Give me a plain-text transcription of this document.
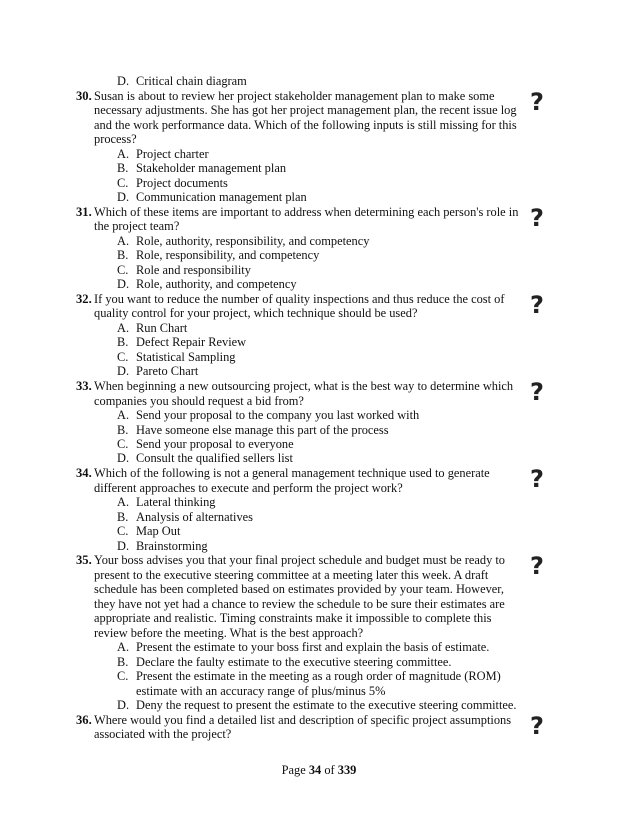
D. Critical chain diagram
30.	?
Susan is about to review her project stakeholder management plan to make some
necessary adjustments. She has got her project management plan, the recent issue log
and the work performance data. Which of the following inputs is still missing for this
process?
A. Project charter
B. Stakeholder management plan
C. Project documents
D. Communication management plan
31.	?
Which of these items are important to address when determining each person's role in
the project team?
A. Role, authority, responsibility, and competency
B. Role, responsibility, and competency
C. Role and responsibility
D. Role, authority, and competency
32.	?
If you want to reduce the number of quality inspections and thus reduce the cost of
quality control for your project, which technique should be used?
A. Run Chart
B. Defect Repair Review
C. Statistical Sampling
D. Pareto Chart
33.	?
When beginning a new outsourcing project, what is the best way to determine which
companies you should request a bid from?
A. Send your proposal to the company you last worked with
B. Have someone else manage this part of the process
C. Send your proposal to everyone
D. Consult the qualified sellers list
34.	?
Which of the following is not a general management technique used to generate
different approaches to execute and perform the project work?
A. Lateral thinking
B. Analysis of alternatives
C. Map Out
D. Brainstorming
35.	?
Your boss advises you that your final project schedule and budget must be ready to
present to the executive steering committee at a meeting later this week. A draft
schedule has been completed based on estimates provided by your team. However,
they have not yet had a chance to review the schedule to be sure their estimates are
appropriate and realistic. Timing constraints make it impossible to complete this
review before the meeting. What is the best approach?
A. Present the estimate to your boss first and explain the basis of estimate.
B. Declare the faulty estimate to the executive steering committee.
C. Present the estimate in the meeting as a rough order of magnitude (ROM)
estimate with an accuracy range of plus/minus 5%
D. Deny the request to present the estimate to the executive steering committee.
36.	?
Where would you find a detailed list and description of specific project assumptions
associated with the project?
Page 34 of 339
